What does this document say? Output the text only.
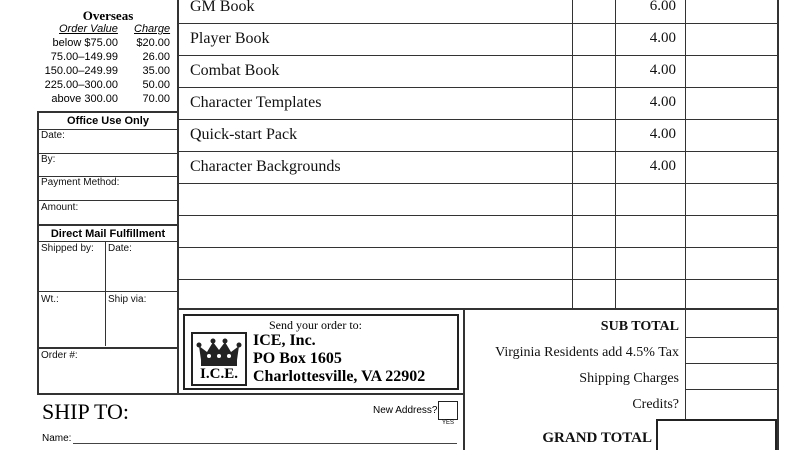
Overseas
Order Value Charge
below $75.00	$20.00
75.00–149.99	26.00
150.00–249.99	35.00
225.00–300.00	50.00
above 300.00	70.00
Office Use Only
Date:
By:
Payment Method:
Amount:
Direct Mail Fulfillment
Shipped by: Date:
Wt.:	Ship via:
Order #:
GM Book	6.00
Player Book	4.00
Combat Book	4.00
Character Templates	4.00
Quick-start Pack	4.00
Character Backgrounds	4.00
Send your order to:
I.C.E.
ICE, Inc.
PO Box 1605
Charlottesville, VA 22902
SUB TOTAL
Virginia Residents add 4.5% Tax
Shipping Charges
Credits?
GRAND TOTAL
SHIP TO:	New Address?
YES
Name:
